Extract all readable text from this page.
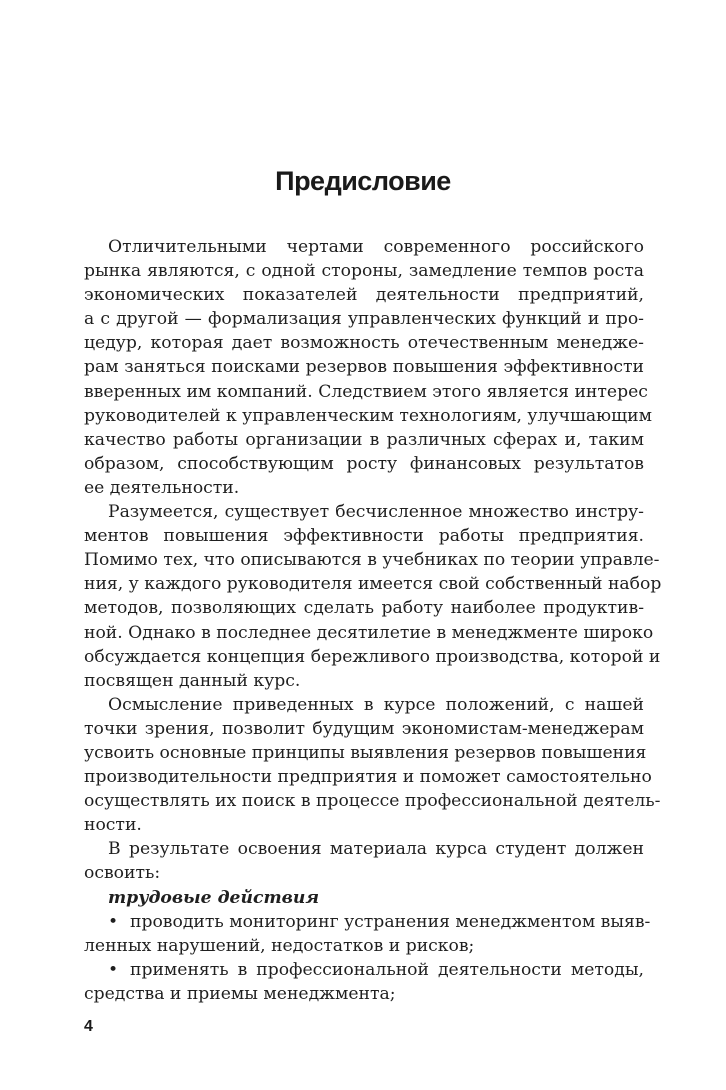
Предисловие
Отличительными чертами современного российского
рынка являются, с одной стороны, замедление темпов роста
экономических показателей деятельности предприятий,
а с другой — формализация управленческих функций и про-
цедур, которая дает возможность отечественным менедже-
рам заняться поисками резервов повышения эффективности
вверенных им компаний. Следствием этого является интерес
руководителей к управленческим технологиям, улучшающим
качество работы организации в различных сферах и, таким
образом, способствующим росту финансовых результатов
ее деятельности.
Разумеется, существует бесчисленное множество инстру-
ментов повышения эффективности работы предприятия.
Помимо тех, что описываются в учебниках по теории управле-
ния, у каждого руководителя имеется свой собственный набор
методов, позволяющих сделать работу наиболее продуктив-
ной. Однако в последнее десятилетие в менеджменте широко
обсуждается концепция бережливого производства, которой и
посвящен данный курс.
Осмысление приведенных в курсе положений, с нашей
точки зрения, позволит будущим экономистам-менеджерам
усвоить основные принципы выявления резервов повышения
производительности предприятия и поможет самостоятельно
осуществлять их поиск в процессе профессиональной деятель-
ности.
В результате освоения материала курса студент должен
освоить:
трудовые действия
• проводить мониторинг устранения менеджментом выяв-
ленных нарушений, недостатков и рисков;
• применять в профессиональной деятельности методы,
средства и приемы менеджмента;
4
